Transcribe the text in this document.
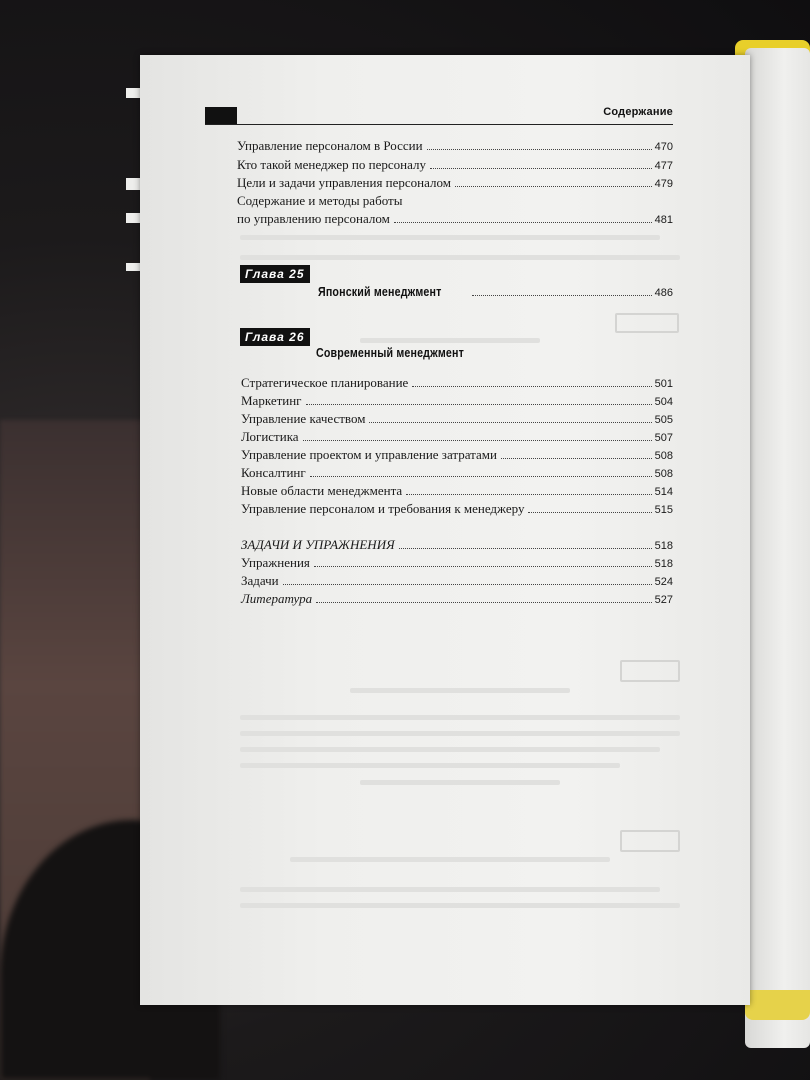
Содержание
Управление персоналом в России	470
Кто такой менеджер по персоналу	477
Цели и задачи управления персоналом	479
Содержание и методы работы
по управлению персоналом	481
Глава 25
Японский менеджмент	486
Глава 26
Современный менеджмент
Стратегическое планирование	501
Маркетинг	504
Управление качеством	505
Логистика	507
Управление проектом и управление затратами	508
Консалтинг	508
Новые области менеджмента	514
Управление персоналом и требования к менеджеру	515
ЗАДАЧИ И УПРАЖНЕНИЯ	518
Упражнения	518
Задачи	524
Литература	527
